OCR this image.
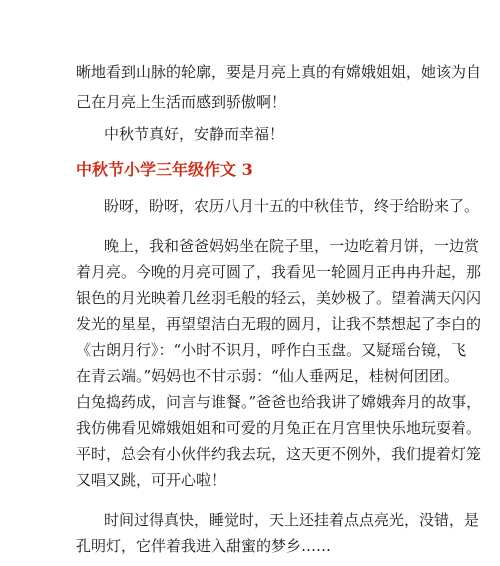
晰地看到山脉的轮廓，要是月亮上真的有嫦娥姐姐，她该为自
己在月亮上生活而感到骄傲啊！
中秋节真好，安静而幸福！
中秋节小学三年级作文 3
盼呀，盼呀，农历八月十五的中秋佳节，终于给盼来了。
晚上，我和爸爸妈妈坐在院子里，一边吃着月饼，一边赏
着月亮。今晚的月亮可圆了，我看见一轮圆月正冉冉升起，那
银色的月光映着几丝羽毛般的轻云，美妙极了。望着满天闪闪
发光的星星，再望望洁白无瑕的圆月，让我不禁想起了李白的
《古朗月行》：“小时不识月，呼作白玉盘。又疑瑶台镜，飞
在青云端。”妈妈也不甘示弱：“仙人垂两足，桂树何团团。
白兔捣药成，问言与谁餐。”爸爸也给我讲了嫦娥奔月的故事，
我仿佛看见嫦娥姐姐和可爱的月兔正在月宫里快乐地玩耍着。
平时，总会有小伙伴约我去玩，这天更不例外，我们提着灯笼
又唱又跳，可开心啦！
时间过得真快，睡觉时，天上还挂着点点亮光，没错，是
孔明灯，它伴着我进入甜蜜的梦乡……
